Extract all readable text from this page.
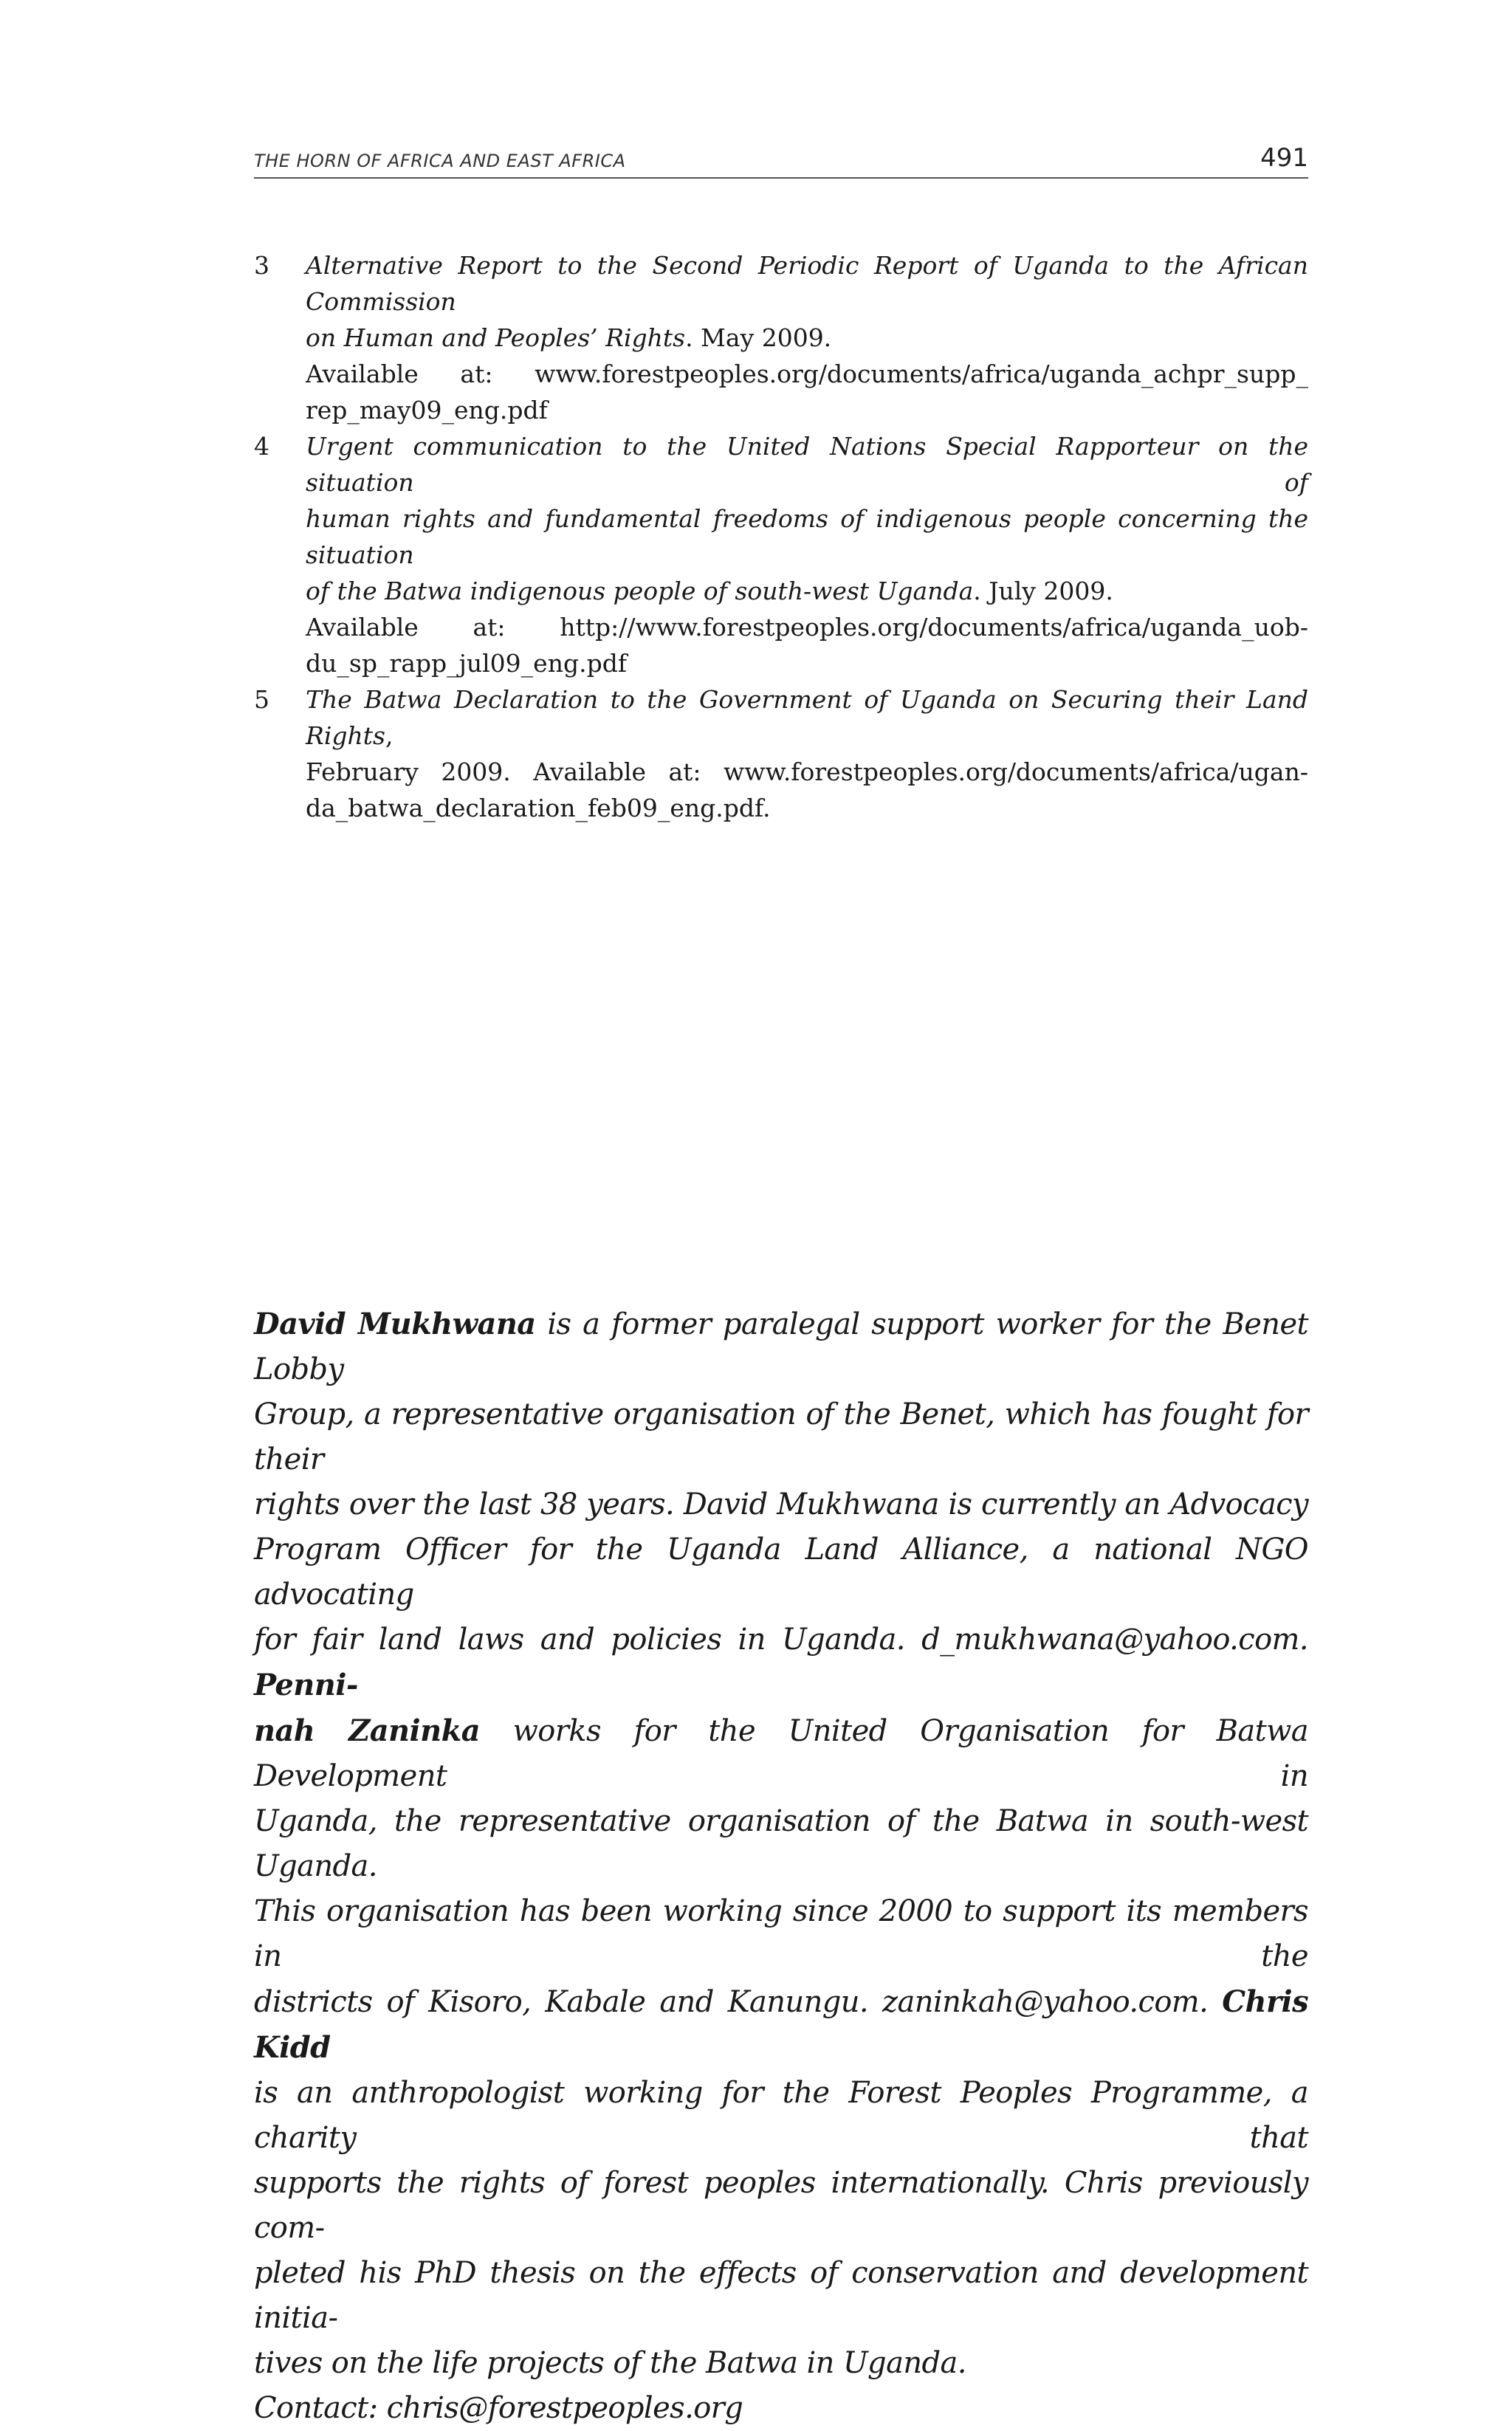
THE HORN OF AFRICA AND EAST AFRICA	491
3 Alternative Report to the Second Periodic Report of Uganda to the African Commission
on Human and Peoples’ Rights. May 2009.
Available at: www.forestpeoples.org/documents/africa/uganda_achpr_supp_
rep_may09_eng.pdf
4 Urgent communication to the United Nations Special Rapporteur on the situation of
human rights and fundamental freedoms of indigenous people concerning the situation
of the Batwa indigenous people of south-west Uganda. July 2009.
Available at: http://www.forestpeoples.org/documents/africa/uganda_uob-
du_sp_rapp_jul09_eng.pdf
5 The Batwa Declaration to the Government of Uganda on Securing their Land Rights,
February 2009. Available at: www.forestpeoples.org/documents/africa/ugan-
da_batwa_declaration_feb09_eng.pdf.
David Mukhwana is a former paralegal support worker for the Benet Lobby
Group, a representative organisation of the Benet, which has fought for their
rights over the last 38 years. David Mukhwana is currently an Advocacy
Program Officer for the Uganda Land Alliance, a national NGO advocating
for fair land laws and policies in Uganda. d_mukhwana@yahoo.com. Penni-
nah Zaninka works for the United Organisation for Batwa Development in
Uganda, the representative organisation of the Batwa in south-west Uganda.
This organisation has been working since 2000 to support its members in the
districts of Kisoro, Kabale and Kanungu. zaninkah@yahoo.com. Chris Kidd
is an anthropologist working for the Forest Peoples Programme, a charity that
supports the rights of forest peoples internationally. Chris previously com-
pleted his PhD thesis on the effects of conservation and development initia-
tives on the life projects of the Batwa in Uganda.
Contact: chris@forestpeoples.org
